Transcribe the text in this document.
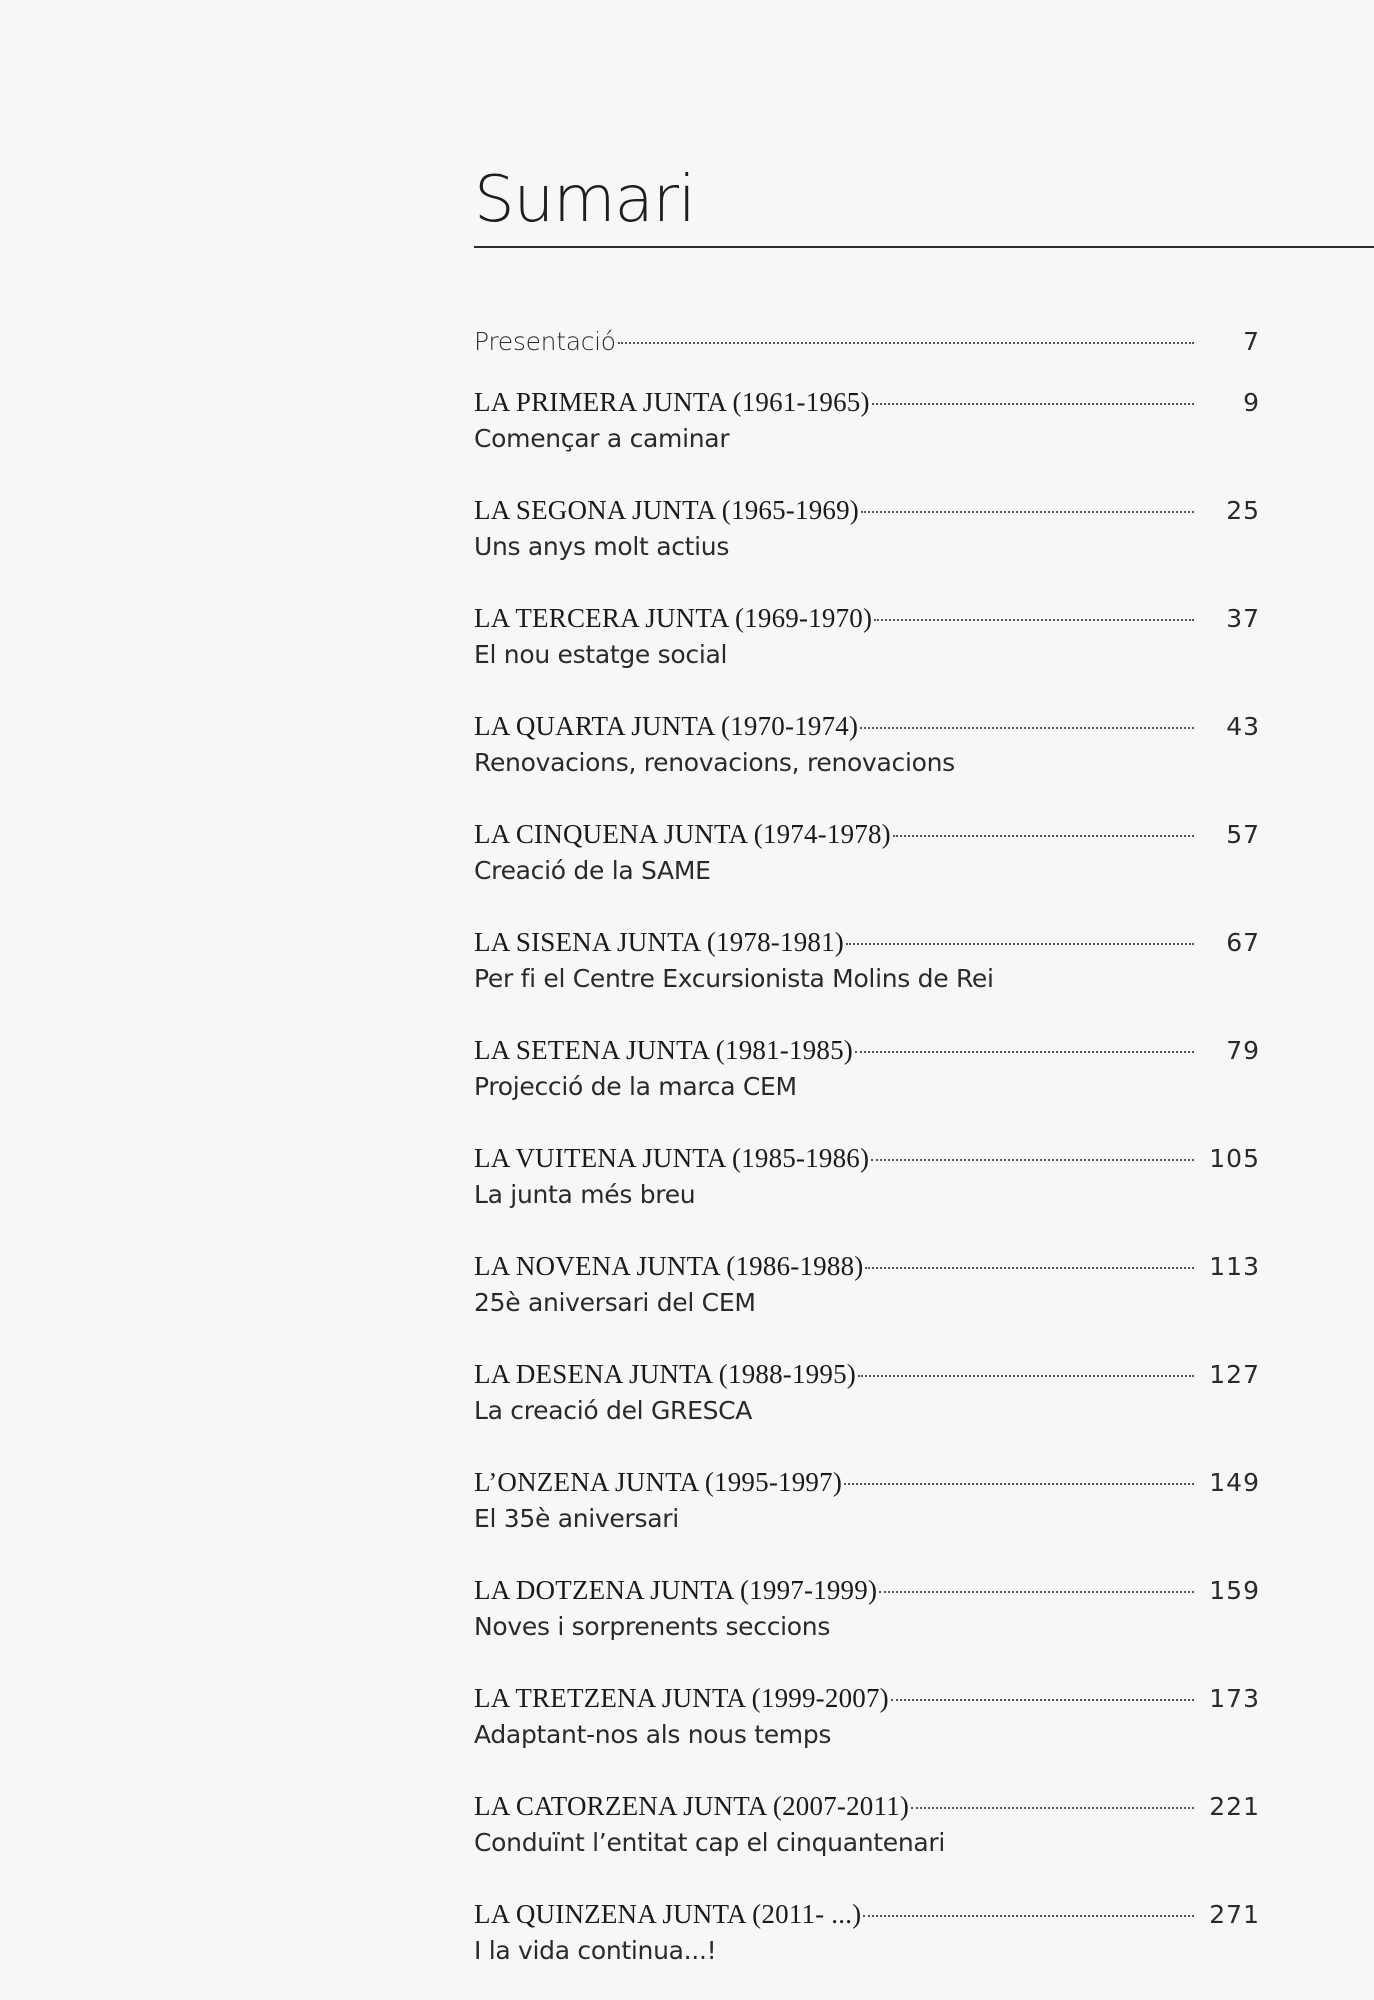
Sumari
Presentació	7
LA PRIMERA JUNTA (1961-1965)	9
Començar a caminar
LA SEGONA JUNTA (1965-1969)	25
Uns anys molt actius
LA TERCERA JUNTA (1969-1970)	37
El nou estatge social
LA QUARTA JUNTA (1970-1974)	43
Renovacions, renovacions, renovacions
LA CINQUENA JUNTA (1974-1978)	57
Creació de la SAME
LA SISENA JUNTA (1978-1981)	67
Per fi el Centre Excursionista Molins de Rei
LA SETENA JUNTA (1981-1985)	79
Projecció de la marca CEM
LA VUITENA JUNTA (1985-1986)	105
La junta més breu
LA NOVENA JUNTA (1986-1988)	113
25è aniversari del CEM
LA DESENA JUNTA (1988-1995)	127
La creació del GRESCA
L’ONZENA JUNTA (1995-1997)	149
El 35è aniversari
LA DOTZENA JUNTA (1997-1999)	159
Noves i sorprenents seccions
LA TRETZENA JUNTA (1999-2007)	173
Adaptant-nos als nous temps
LA CATORZENA JUNTA (2007-2011)	221
Conduïnt l’entitat cap el cinquantenari
LA QUINZENA JUNTA (2011- ...)	271
I la vida continua...!
